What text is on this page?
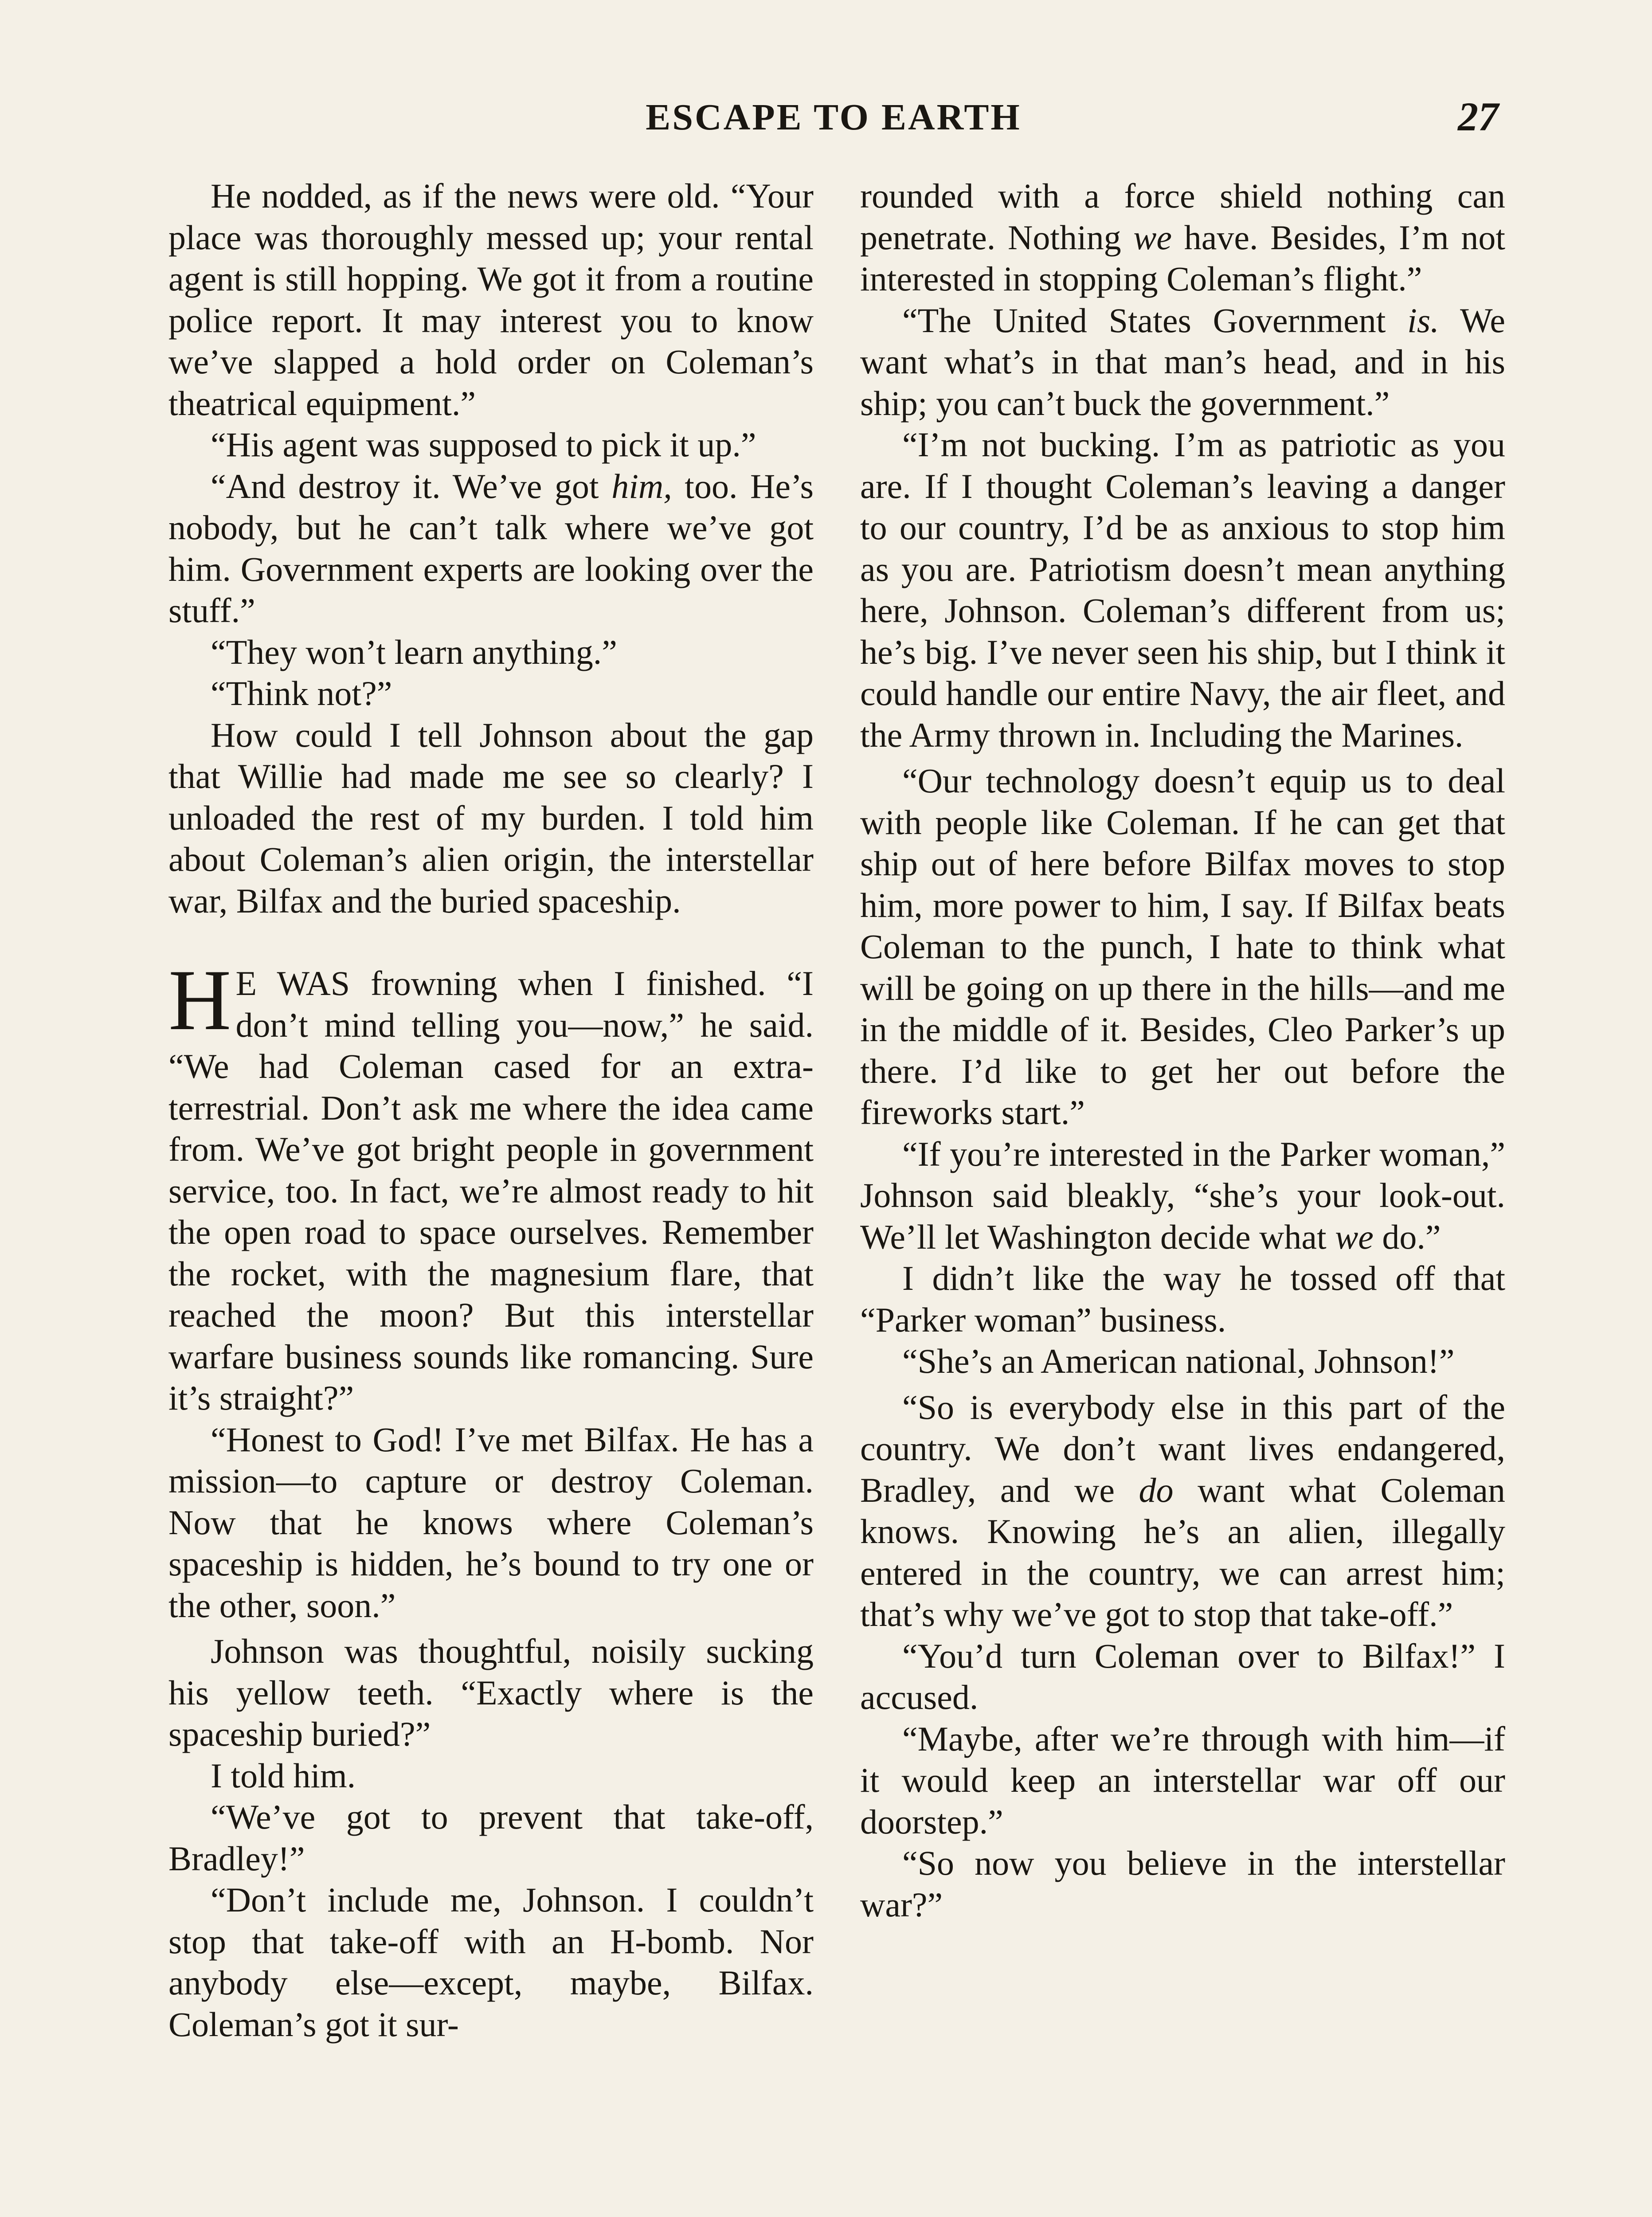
ESCAPE TO EARTH	27

He nodded, as if the news were old. “Your place was thoroughly messed up; your rental agent is still hopping. We got it from a routine police report. It may interest you to know we’ve slapped a hold order on Coleman’s theatrical equipment.”

“His agent was supposed to pick it up.”

“And destroy it. We’ve got him, too. He’s nobody, but he can’t talk where we’ve got him. Government experts are looking over the stuff.”

“They won’t learn anything.”

“Think not?”

How could I tell Johnson about the gap that Willie had made me see so clearly? I unloaded the rest of my burden. I told him about Coleman’s alien origin, the interstellar war, Bilfax and the buried spaceship.

H E WAS frowning when I finished. “I don’t mind telling you—now,” he said. “We had Coleman cased for an extra-terrestrial. Don’t ask me where the idea came from. We’ve got bright people in government service, too. In fact, we’re almost ready to hit the open road to space ourselves. Remember the rocket, with the magnesium flare, that reached the moon? But this interstellar warfare business sounds like romancing. Sure it’s straight?”

“Honest to God! I’ve met Bilfax. He has a mission—to capture or destroy Coleman. Now that he knows where Coleman’s spaceship is hidden, he’s bound to try one or the other, soon.”

Johnson was thoughtful, noisily sucking his yellow teeth. “Exactly where is the spaceship buried?”

I told him.

“We’ve got to prevent that take-off, Bradley!”

“Don’t include me, Johnson. I couldn’t stop that take-off with an H-bomb. Nor anybody else—except, maybe, Bilfax. Coleman’s got it sur-

rounded with a force shield nothing can penetrate. Nothing we have. Besides, I’m not interested in stopping Coleman’s flight.”

“The United States Government is. We want what’s in that man’s head, and in his ship; you can’t buck the government.”

“I’m not bucking. I’m as patriotic as you are. If I thought Coleman’s leaving a danger to our country, I’d be as anxious to stop him as you are. Patriotism doesn’t mean anything here, Johnson. Coleman’s different from us; he’s big. I’ve never seen his ship, but I think it could handle our entire Navy, the air fleet, and the Army thrown in. Including the Marines.

“Our technology doesn’t equip us to deal with people like Coleman. If he can get that ship out of here before Bilfax moves to stop him, more power to him, I say. If Bilfax beats Coleman to the punch, I hate to think what will be going on up there in the hills—and me in the middle of it. Besides, Cleo Parker’s up there. I’d like to get her out before the fireworks start.”

“If you’re interested in the Parker woman,” Johnson said bleakly, “she’s your look-out. We’ll let Washington decide what we do.”

I didn’t like the way he tossed off that “Parker woman” business.

“She’s an American national, Johnson!”

“So is everybody else in this part of the country. We don’t want lives endangered, Bradley, and we do want what Coleman knows. Knowing he’s an alien, illegally entered in the country, we can arrest him; that’s why we’ve got to stop that take-off.”

“You’d turn Coleman over to Bilfax!” I accused.

“Maybe, after we’re through with him—if it would keep an interstellar war off our doorstep.”

“So now you believe in the interstellar war?”
